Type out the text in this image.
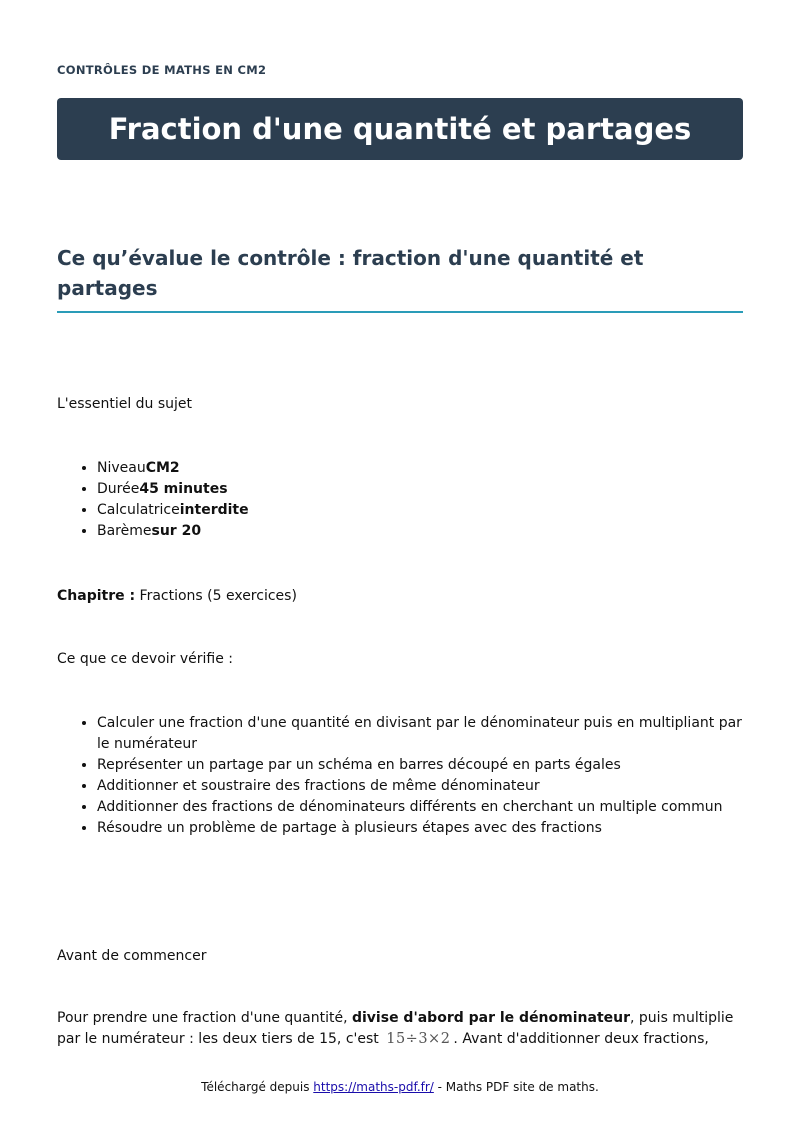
CONTRÔLES DE MATHS EN CM2
Fraction d'une quantité et partages
Ce qu’évalue le contrôle : fraction d'une quantité et partages

L'essentiel du sujet

• NiveauCM2
• Durée45 minutes
• Calculatriceinterdite
• Barèmesur 20

Chapitre : Fractions (5 exercices)

Ce que ce devoir vérifie :

• Calculer une fraction d'une quantité en divisant par le dénominateur puis en multipliant par le numérateur
• Représenter un partage par un schéma en barres découpé en parts égales
• Additionner et soustraire des fractions de même dénominateur
• Additionner des fractions de dénominateurs différents en cherchant un multiple commun
• Résoudre un problème de partage à plusieurs étapes avec des fractions

Avant de commencer

Pour prendre une fraction d'une quantité, divise d'abord par le dénominateur, puis multiplie par le numérateur : les deux tiers de 15, c'est 15÷3×2 . Avant d'additionner deux fractions,

Téléchargé depuis https://maths-pdf.fr/ - Maths PDF site de maths.
